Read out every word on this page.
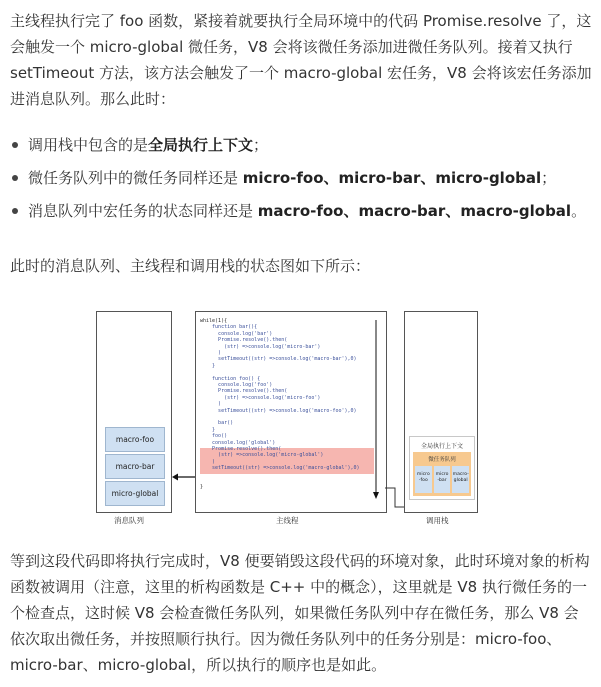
主线程执行完了 foo 函数，紧接着就要执行全局环境中的代码 Promise.resolve 了，这会触发一个 micro-global 微任务，V8 会将该微任务添加进微任务队列。接着又执行 setTimeout 方法，该方法会触发了一个 macro-global 宏任务，V8 会将该宏任务添加进消息队列。那么此时：

调用栈中包含的是全局执行上下文；
微任务队列中的微任务同样还是 micro-foo、micro-bar、micro-global；
消息队列中宏任务的状态同样还是 macro-foo、macro-bar、macro-global。

此时的消息队列、主线程和调用栈的状态图如下所示：

macro-foo
macro-bar
micro-global
消息队列
while(1){
function bar(){
console.log('bar')
Promise.resolve().then(
(str) =>console.log('micro-bar')
)
setTimeout((str) =>console.log('macro-bar'),0)
}
function foo() {
console.log('foo')
Promise.resolve().then(
(str) =>console.log('micro-foo')
)
setTimeout((str) =>console.log('macro-foo'),0)
bar()
}
foo()
console.log('global')
Promise.resolve().then(
(str) =>console.log('micro-global')
)
setTimeout((str) =>console.log('macro-global'),0)
}
主线程
全局执行上下文
微任务队列
micro
-foo
micro
-bar
macro-
global
调用栈

等到这段代码即将执行完成时，V8 便要销毁这段代码的环境对象，此时环境对象的析构函数被调用（注意，这里的析构函数是 C++ 中的概念），这里就是 V8 执行微任务的一个检查点，这时候 V8 会检查微任务队列，如果微任务队列中存在微任务，那么 V8 会依次取出微任务，并按照顺行执行。因为微任务队列中的任务分别是：micro-foo、micro-bar、micro-global，所以执行的顺序也是如此。
